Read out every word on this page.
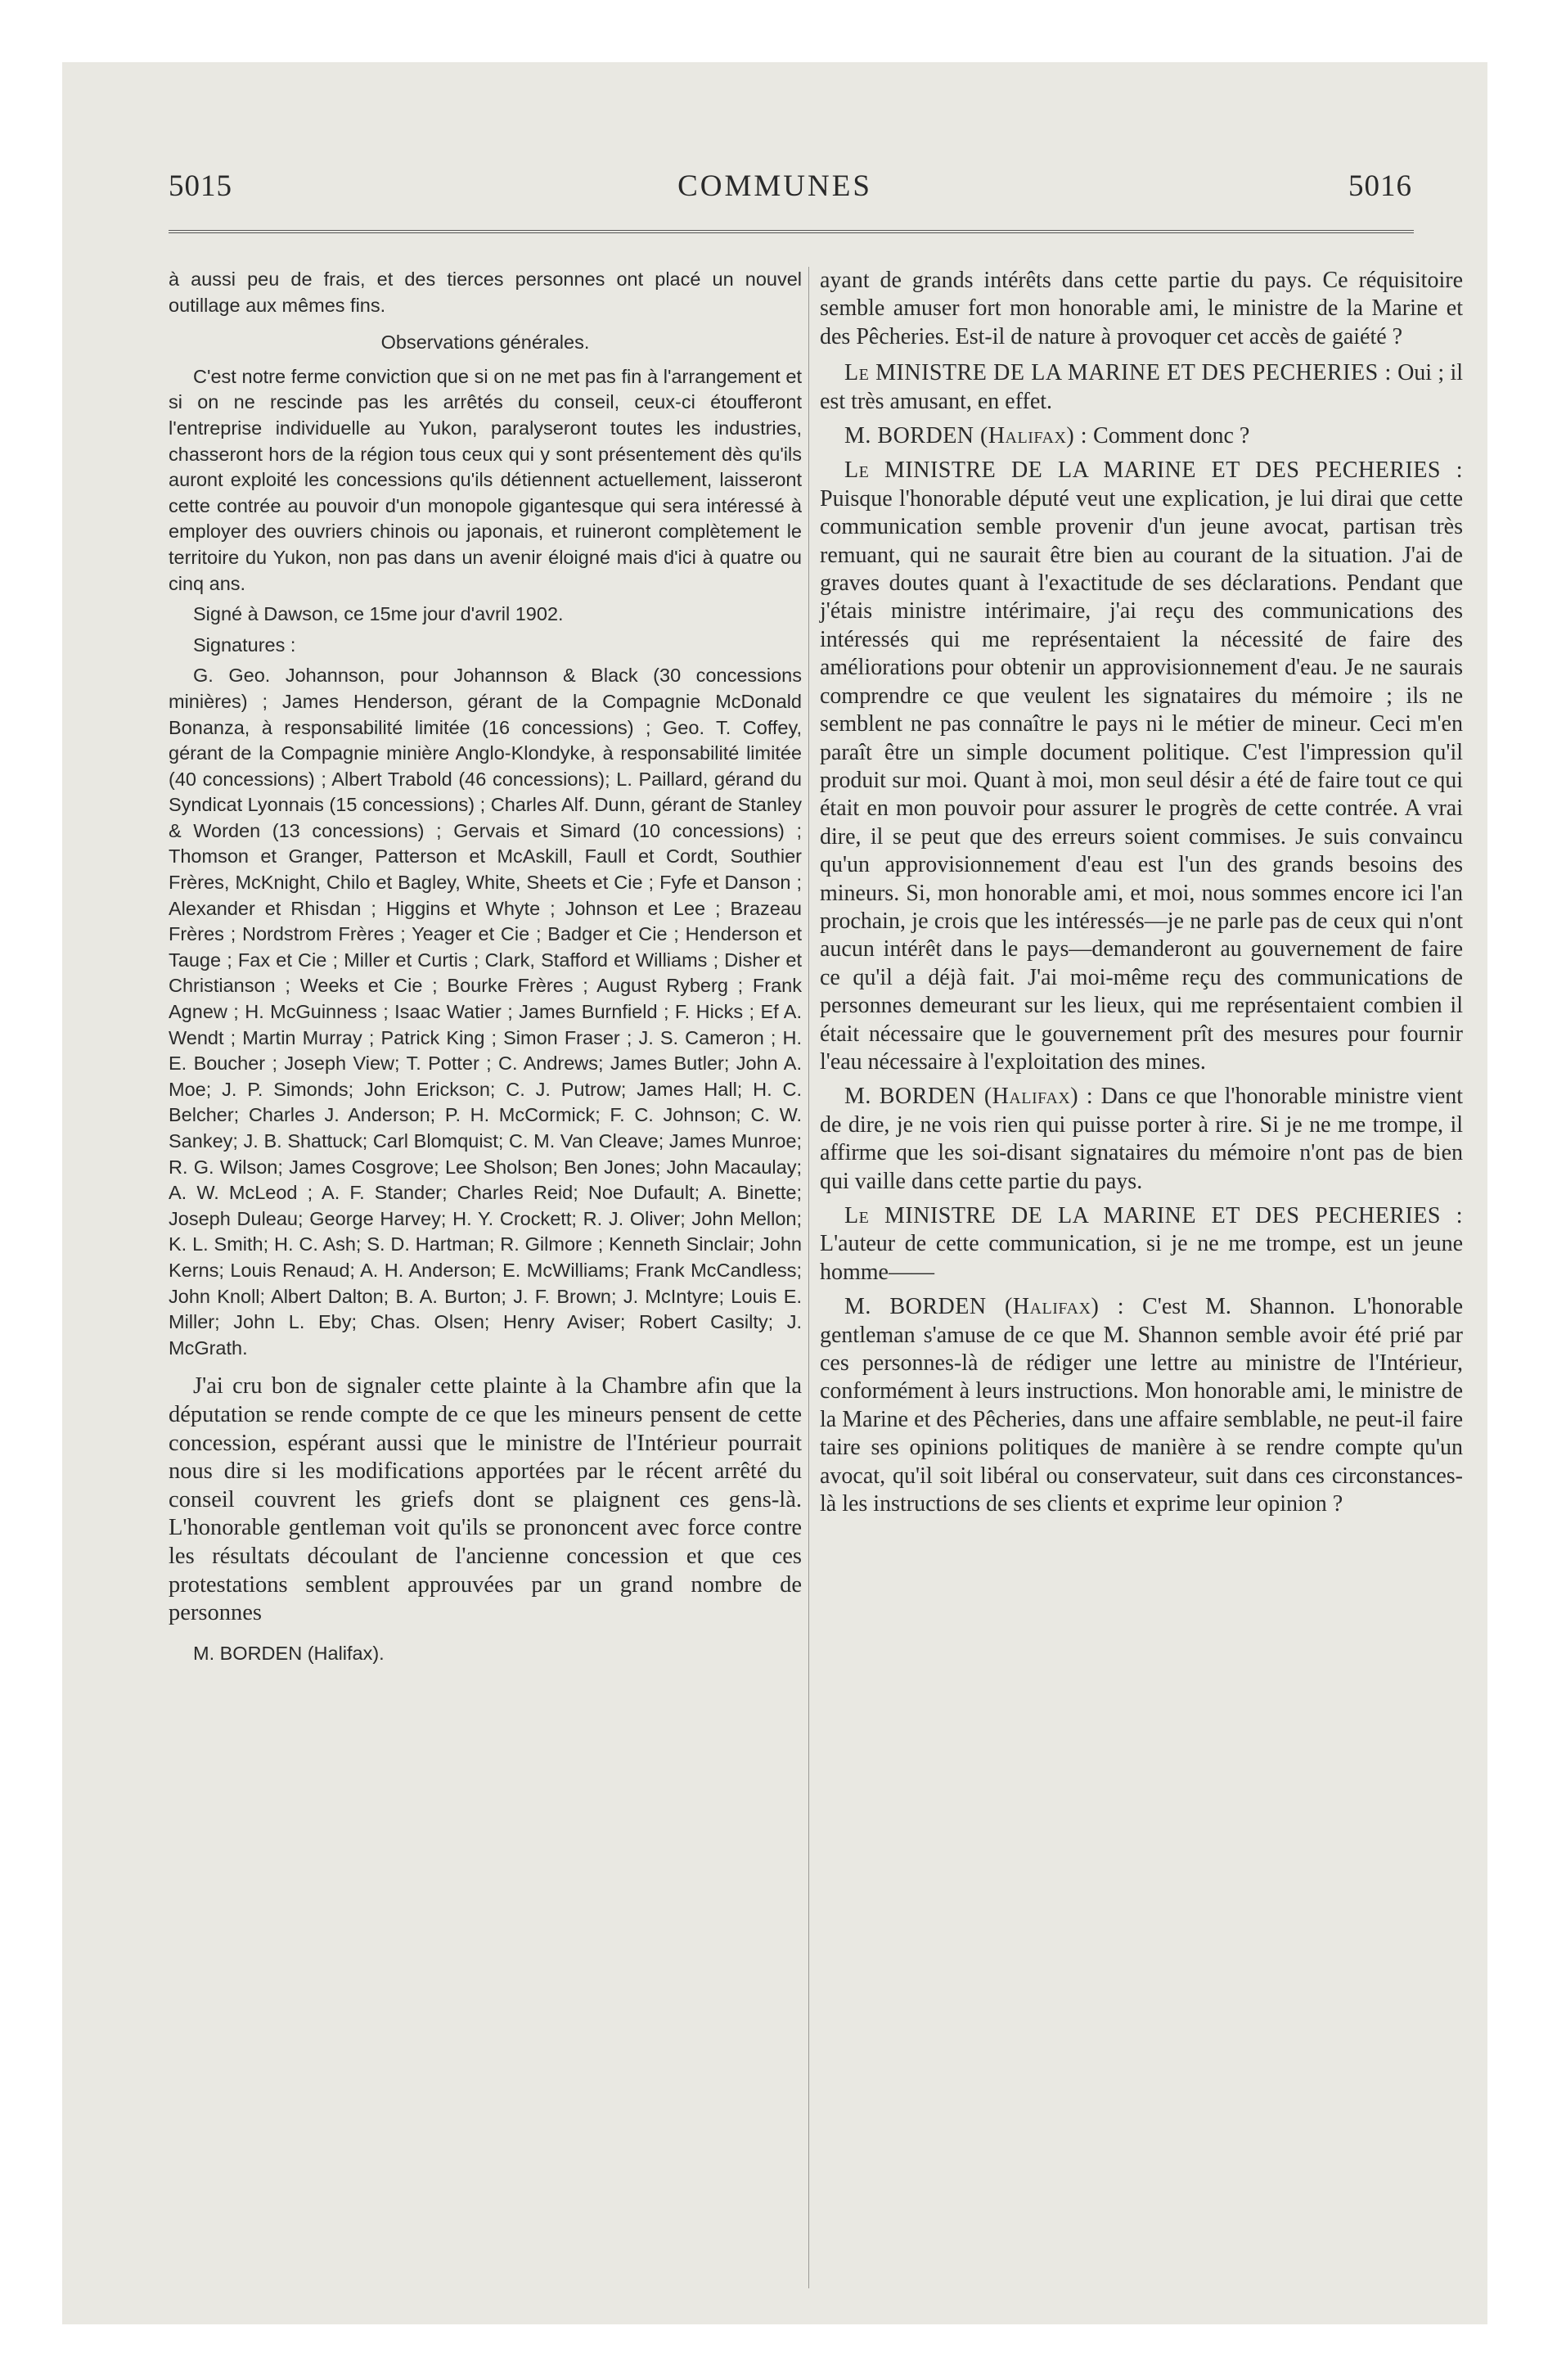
5015	COMMUNES	5016

à aussi peu de frais, et des tierces personnes ont placé un nouvel outillage aux mêmes fins.

Observations générales.

C'est notre ferme conviction que si on ne met pas fin à l'arrangement et si on ne rescinde pas les arrêtés du conseil, ceux-ci étoufferont l'entreprise individuelle au Yukon, paralyseront toutes les industries, chasseront hors de la région tous ceux qui y sont présentement dès qu'ils auront exploité les concessions qu'ils détiennent actuellement, laisseront cette contrée au pouvoir d'un monopole gigantesque qui sera intéressé à employer des ouvriers chinois ou japonais, et ruineront complètement le territoire du Yukon, non pas dans un avenir éloigné mais d'ici à quatre ou cinq ans.

Signé à Dawson, ce 15me jour d'avril 1902.

Signatures :

G. Geo. Johannson, pour Johannson & Black (30 concessions minières) ; James Henderson, gérant de la Compagnie McDonald Bonanza, à responsabilité limitée (16 concessions) ; Geo. T. Coffey, gérant de la Compagnie minière Anglo-Klondyke, à responsabilité limitée (40 concessions) ; Albert Trabold (46 concessions); L. Paillard, gérand du Syndicat Lyonnais (15 concessions) ; Charles Alf. Dunn, gérant de Stanley & Worden (13 concessions) ; Gervais et Simard (10 concessions) ; Thomson et Granger, Patterson et McAskill, Faull et Cordt, Southier Frères, McKnight, Chilo et Bagley, White, Sheets et Cie ; Fyfe et Danson ; Alexander et Rhisdan ; Higgins et Whyte ; Johnson et Lee ; Brazeau Frères ; Nordstrom Frères ; Yeager et Cie ; Badger et Cie ; Henderson et Tauge ; Fax et Cie ; Miller et Curtis ; Clark, Stafford et Williams ; Disher et Christianson ; Weeks et Cie ; Bourke Frères ; August Ryberg ; Frank Agnew ; H. McGuinness ; Isaac Watier ; James Burnfield ; F. Hicks ; Ef A. Wendt ; Martin Murray ; Patrick King ; Simon Fraser ; J. S. Cameron ; H. E. Boucher ; Joseph View; T. Potter ; C. Andrews; James Butler; John A. Moe; J. P. Simonds; John Erickson; C. J. Putrow; James Hall; H. C. Belcher; Charles J. Anderson; P. H. McCormick; F. C. Johnson; C. W. Sankey; J. B. Shattuck; Carl Blomquist; C. M. Van Cleave; James Munroe; R. G. Wilson; James Cosgrove; Lee Sholson; Ben Jones; John Macaulay; A. W. McLeod ; A. F. Stander; Charles Reid; Noe Dufault; A. Binette; Joseph Duleau; George Harvey; H. Y. Crockett; R. J. Oliver; John Mellon; K. L. Smith; H. C. Ash; S. D. Hartman; R. Gilmore ; Kenneth Sinclair; John Kerns; Louis Renaud; A. H. Anderson; E. McWilliams; Frank McCandless; John Knoll; Albert Dalton; B. A. Burton; J. F. Brown; J. McIntyre; Louis E. Miller; John L. Eby; Chas. Olsen; Henry Aviser; Robert Casilty; J. McGrath.

J'ai cru bon de signaler cette plainte à la Chambre afin que la députation se rende compte de ce que les mineurs pensent de cette concession, espérant aussi que le ministre de l'Intérieur pourrait nous dire si les modifications apportées par le récent arrêté du conseil couvrent les griefs dont se plaignent ces gens-là. L'honorable gentleman voit qu'ils se prononcent avec force contre les résultats découlant de l'ancienne concession et que ces protestations semblent approuvées par un grand nombre de personnes

M. BORDEN (Halifax).

ayant de grands intérêts dans cette partie du pays. Ce réquisitoire semble amuser fort mon honorable ami, le ministre de la Marine et des Pêcheries. Est-il de nature à provoquer cet accès de gaiété ?

Le MINISTRE DE LA MARINE ET DES PECHERIES : Oui ; il est très amusant, en effet.

M. BORDEN (Halifax) : Comment donc ?

Le MINISTRE DE LA MARINE ET DES PECHERIES : Puisque l'honorable député veut une explication, je lui dirai que cette communication semble provenir d'un jeune avocat, partisan très remuant, qui ne saurait être bien au courant de la situation. J'ai de graves doutes quant à l'exactitude de ses déclarations. Pendant que j'étais ministre intérimaire, j'ai reçu des communications des intéressés qui me représentaient la nécessité de faire des améliorations pour obtenir un approvisionnement d'eau. Je ne saurais comprendre ce que veulent les signataires du mémoire ; ils ne semblent ne pas connaître le pays ni le métier de mineur. Ceci m'en paraît être un simple document politique. C'est l'impression qu'il produit sur moi. Quant à moi, mon seul désir a été de faire tout ce qui était en mon pouvoir pour assurer le progrès de cette contrée. A vrai dire, il se peut que des erreurs soient commises. Je suis convaincu qu'un approvisionnement d'eau est l'un des grands besoins des mineurs. Si, mon honorable ami, et moi, nous sommes encore ici l'an prochain, je crois que les intéressés—je ne parle pas de ceux qui n'ont aucun intérêt dans le pays—demanderont au gouvernement de faire ce qu'il a déjà fait. J'ai moi-même reçu des communications de personnes demeurant sur les lieux, qui me représentaient combien il était nécessaire que le gouvernement prît des mesures pour fournir l'eau nécessaire à l'exploitation des mines.

M. BORDEN (Halifax) : Dans ce que l'honorable ministre vient de dire, je ne vois rien qui puisse porter à rire. Si je ne me trompe, il affirme que les soi-disant signataires du mémoire n'ont pas de bien qui vaille dans cette partie du pays.

Le MINISTRE DE LA MARINE ET DES PECHERIES : L'auteur de cette communication, si je ne me trompe, est un jeune homme——

M. BORDEN (Halifax) : C'est M. Shannon. L'honorable gentleman s'amuse de ce que M. Shannon semble avoir été prié par ces personnes-là de rédiger une lettre au ministre de l'Intérieur, conformément à leurs instructions. Mon honorable ami, le ministre de la Marine et des Pêcheries, dans une affaire semblable, ne peut-il faire taire ses opinions politiques de manière à se rendre compte qu'un avocat, qu'il soit libéral ou conservateur, suit dans ces circonstances-là les instructions de ses clients et exprime leur opinion ?
